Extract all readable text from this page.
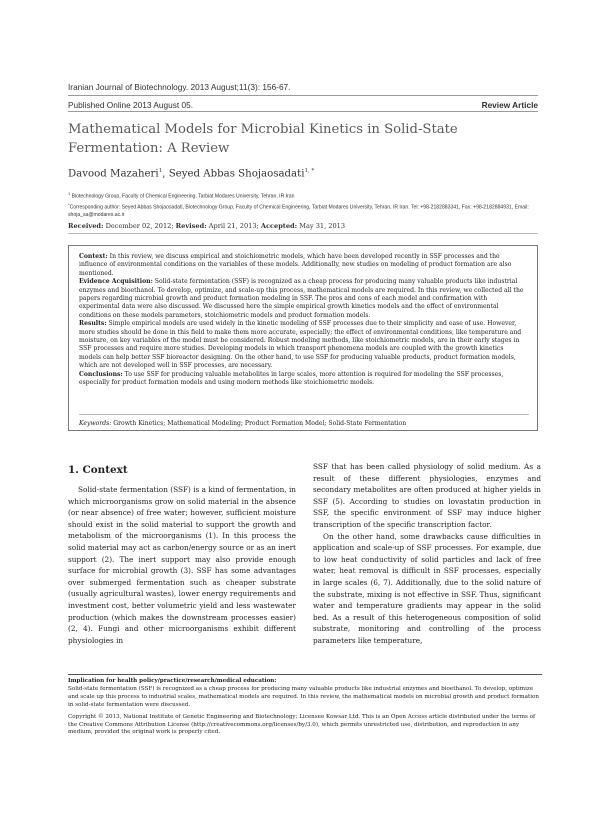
Iranian Journal of Biotechnology. 2013 August;11(3): 156-67.
Published Online 2013 August 05.	Review Article
Mathematical Models for Microbial Kinetics in Solid-State Fermentation: A Review
Davood Mazaheri$^1$, Seyed Abbas Shojaosadati$^{1, *}$
$^1$ Biotechnology Group, Faculty of Chemical Engineering, Tarbiat Modares University, Tehran, IR Iran
*Corresponding author: Seyed Abbas Shojaosadati, Biotechnology Group, Faculty of Chemical Engineering, Tarbiat Modares University, Tehran, IR Iran. Tel: +98-2182883341, Fax: +98-2182884931, Email: shoja_sa@modares.ac.ir
Received: December 02, 2012; Revised: April 21, 2013; Accepted: May 31, 2013

Context: In this review, we discuss empirical and stoichiometric models, which have been developed recently in SSF processes and the influence of environmental conditions on the variables of these models. Additionally, new studies on modeling of product formation are also mentioned.

Evidence Acquisition: Solid-state fermentation (SSF) is recognized as a cheap process for producing many valuable products like industrial enzymes and bioethanol. To develop, optimize, and scale-up this process, mathematical models are required. In this review, we collected all the papers regarding microbial growth and product formation modeling in SSF. The pros and cons of each model and confirmation with experimental data were also discussed. We discussed here the simple empirical growth kinetics models and the effect of environmental conditions on these models parameters, stoichiometric models and product formation models.

Results: Simple empirical models are used widely in the kinetic modeling of SSF processes due to their simplicity and ease of use. However, more studies should be done in this field to make them more accurate, especially; the effect of environmental conditions, like temperature and moisture, on key variables of the model must be considered. Robust modeling methods, like stoichiometric models, are in their early stages in SSF processes and require more studies. Developing models in which transport phenomena models are coupled with the growth kinetics models can help better SSF bioreactor designing. On the other hand, to use SSF for producing valuable products, product formation models, which are not developed well in SSF processes, are necessary.

Conclusions: To use SSF for producing valuable metabolites in large scales, more attention is required for modeling the SSF processes, especially for product formation models and using modern methods like stoichiometric models.

Keywords: Growth Kinetics; Mathematical Modeling; Product Formation Model; Solid-State Fermentation
1. Context

Solid-state fermentation (SSF) is a kind of fermentation, in which microorganisms grow on solid material in the absence (or near absence) of free water; however, sufficient moisture should exist in the solid material to support the growth and metabolism of the microorganisms (1). In this process the solid material may act as carbon/energy source or as an inert support (2). The inert support may also provide enough surface for microbial growth (3). SSF has some advantages over submerged fermentation such as cheaper substrate (usually agricultural wastes), lower energy requirements and investment cost, better volumetric yield and less wastewater production (which makes the downstream processes easier) (2, 4). Fungi and other microorganisms exhibit different physiologies in

SSF that has been called physiology of solid medium. As a result of these different physiologies, enzymes and secondary metabolites are often produced at higher yields in SSF (5). According to studies on lovastatin production in SSF, the specific environment of SSF may induce higher transcription of the specific transcription factor.

On the other hand, some drawbacks cause difficulties in application and scale-up of SSF processes. For example, due to low heat conductivity of solid particles and lack of free water, heat removal is difficult in SSF processes, especially in large scales (6, 7). Additionally, due to the solid nature of the substrate, mixing is not effective in SSF. Thus, significant water and temperature gradients may appear in the solid bed. As a result of this heterogeneous composition of solid substrate, monitoring and controlling of the process parameters like temperature,

Implication for health policy/practice/research/medical education:

Solid-state fermentation (SSF) is recognized as a cheap process for producing many valuable products like industrial enzymes and bioethanol. To develop, optimize and scale up this process to industrial scales, mathematical models are required. In this review, the mathematical models on microbial growth and product formation in solid-state fermentation were discussed.

Copyright © 2013, National Institute of Genetic Engineering and Biotechnology; Licensee Kowsar Ltd. This is an Open Access article distributed under the terms of the Creative Commons Attribution License (http://creativecommons.org/licenses/by/3.0), which permits unrestricted use, distribution, and reproduction in any medium, provided the original work is properly cited.
